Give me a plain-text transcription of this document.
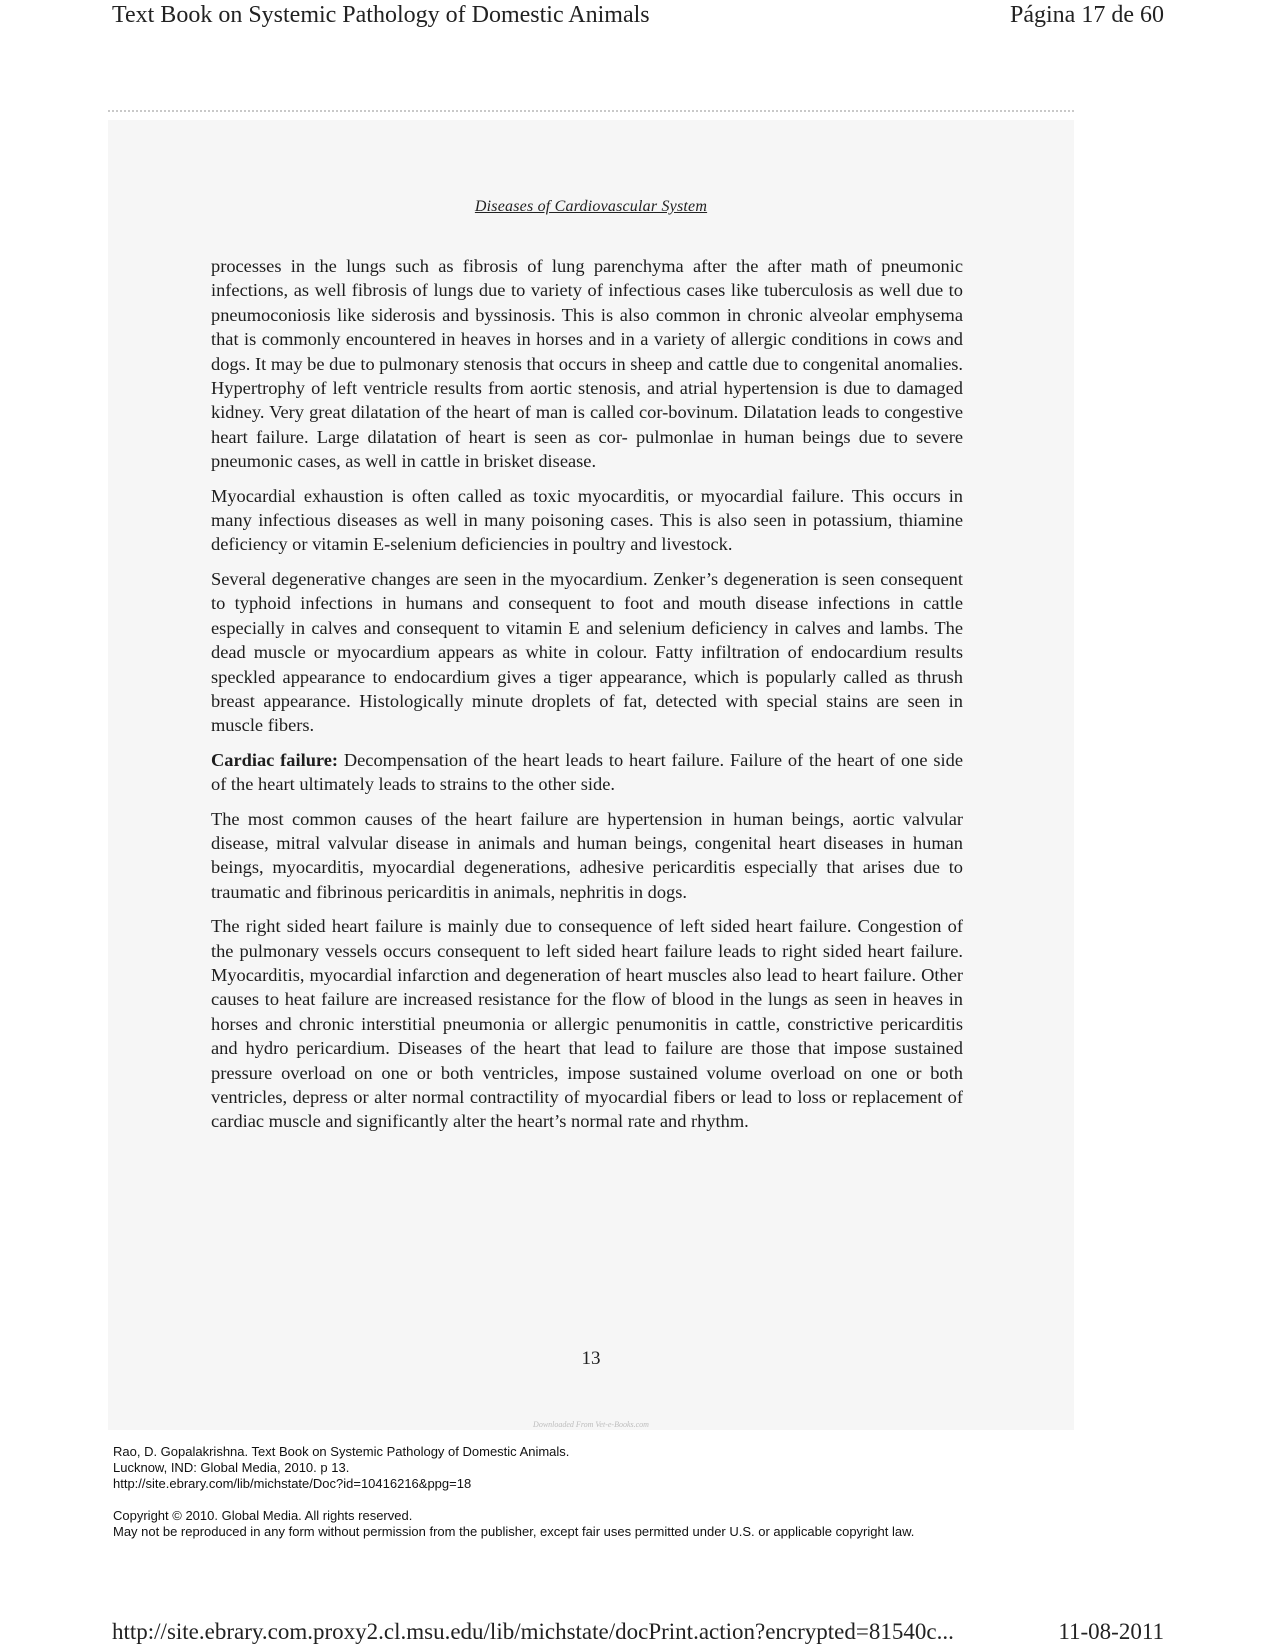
Text Book on Systemic Pathology of Domestic Animals	Página 17 de 60
Diseases of Cardiovascular System

processes in the lungs such as fibrosis of lung parenchyma after the after math of pneumonic infections, as well fibrosis of lungs due to variety of infectious cases like tuberculosis as well due to pneumoconiosis like siderosis and byssinosis. This is also common in chronic alveolar emphysema that is commonly encountered in heaves in horses and in a variety of allergic conditions in cows and dogs. It may be due to pulmonary stenosis that occurs in sheep and cattle due to congenital anomalies. Hypertrophy of left ventricle results from aortic stenosis, and atrial hypertension is due to damaged kidney. Very great dilatation of the heart of man is called cor-bovinum. Dilatation leads to congestive heart failure. Large dilatation of heart is seen as cor- pulmonlae in human beings due to severe pneumonic cases, as well in cattle in brisket disease.

Myocardial exhaustion is often called as toxic myocarditis, or myocardial failure. This occurs in many infectious diseases as well in many poisoning cases. This is also seen in potassium, thiamine deficiency or vitamin E-selenium deficiencies in poultry and livestock.

Several degenerative changes are seen in the myocardium. Zenker’s degeneration is seen consequent to typhoid infections in humans and consequent to foot and mouth disease infections in cattle especially in calves and consequent to vitamin E and selenium deficiency in calves and lambs. The dead muscle or myocardium appears as white in colour. Fatty infiltration of endocardium results speckled appearance to endocardium gives a tiger appearance, which is popularly called as thrush breast appearance. Histologically minute droplets of fat, detected with special stains are seen in muscle fibers.

Cardiac failure: Decompensation of the heart leads to heart failure. Failure of the heart of one side of the heart ultimately leads to strains to the other side.

The most common causes of the heart failure are hypertension in human beings, aortic valvular disease, mitral valvular disease in animals and human beings, congenital heart diseases in human beings, myocarditis, myocardial degenerations, adhesive pericarditis especially that arises due to traumatic and fibrinous pericarditis in animals, nephritis in dogs.

The right sided heart failure is mainly due to consequence of left sided heart failure. Congestion of the pulmonary vessels occurs consequent to left sided heart failure leads to right sided heart failure. Myocarditis, myocardial infarction and degeneration of heart muscles also lead to heart failure. Other causes to heat failure are increased resistance for the flow of blood in the lungs as seen in heaves in horses and chronic interstitial pneumonia or allergic penumonitis in cattle, constrictive pericarditis and hydro pericardium. Diseases of the heart that lead to failure are those that impose sustained pressure overload on one or both ventricles, impose sustained volume overload on one or both ventricles, depress or alter normal contractility of myocardial fibers or lead to loss or replacement of cardiac muscle and significantly alter the heart’s normal rate and rhythm.

13
Downloaded From Vet-e-Books.com
Rao, D. Gopalakrishna. Text Book on Systemic Pathology of Domestic Animals.
Lucknow, IND: Global Media, 2010. p 13.
http://site.ebrary.com/lib/michstate/Doc?id=10416216&ppg=18
Copyright © 2010. Global Media. All rights reserved.
May not be reproduced in any form without permission from the publisher, except fair uses permitted under U.S. or applicable copyright law.
http://site.ebrary.com.proxy2.cl.msu.edu/lib/michstate/docPrint.action?encrypted=81540c...	11-08-2011
